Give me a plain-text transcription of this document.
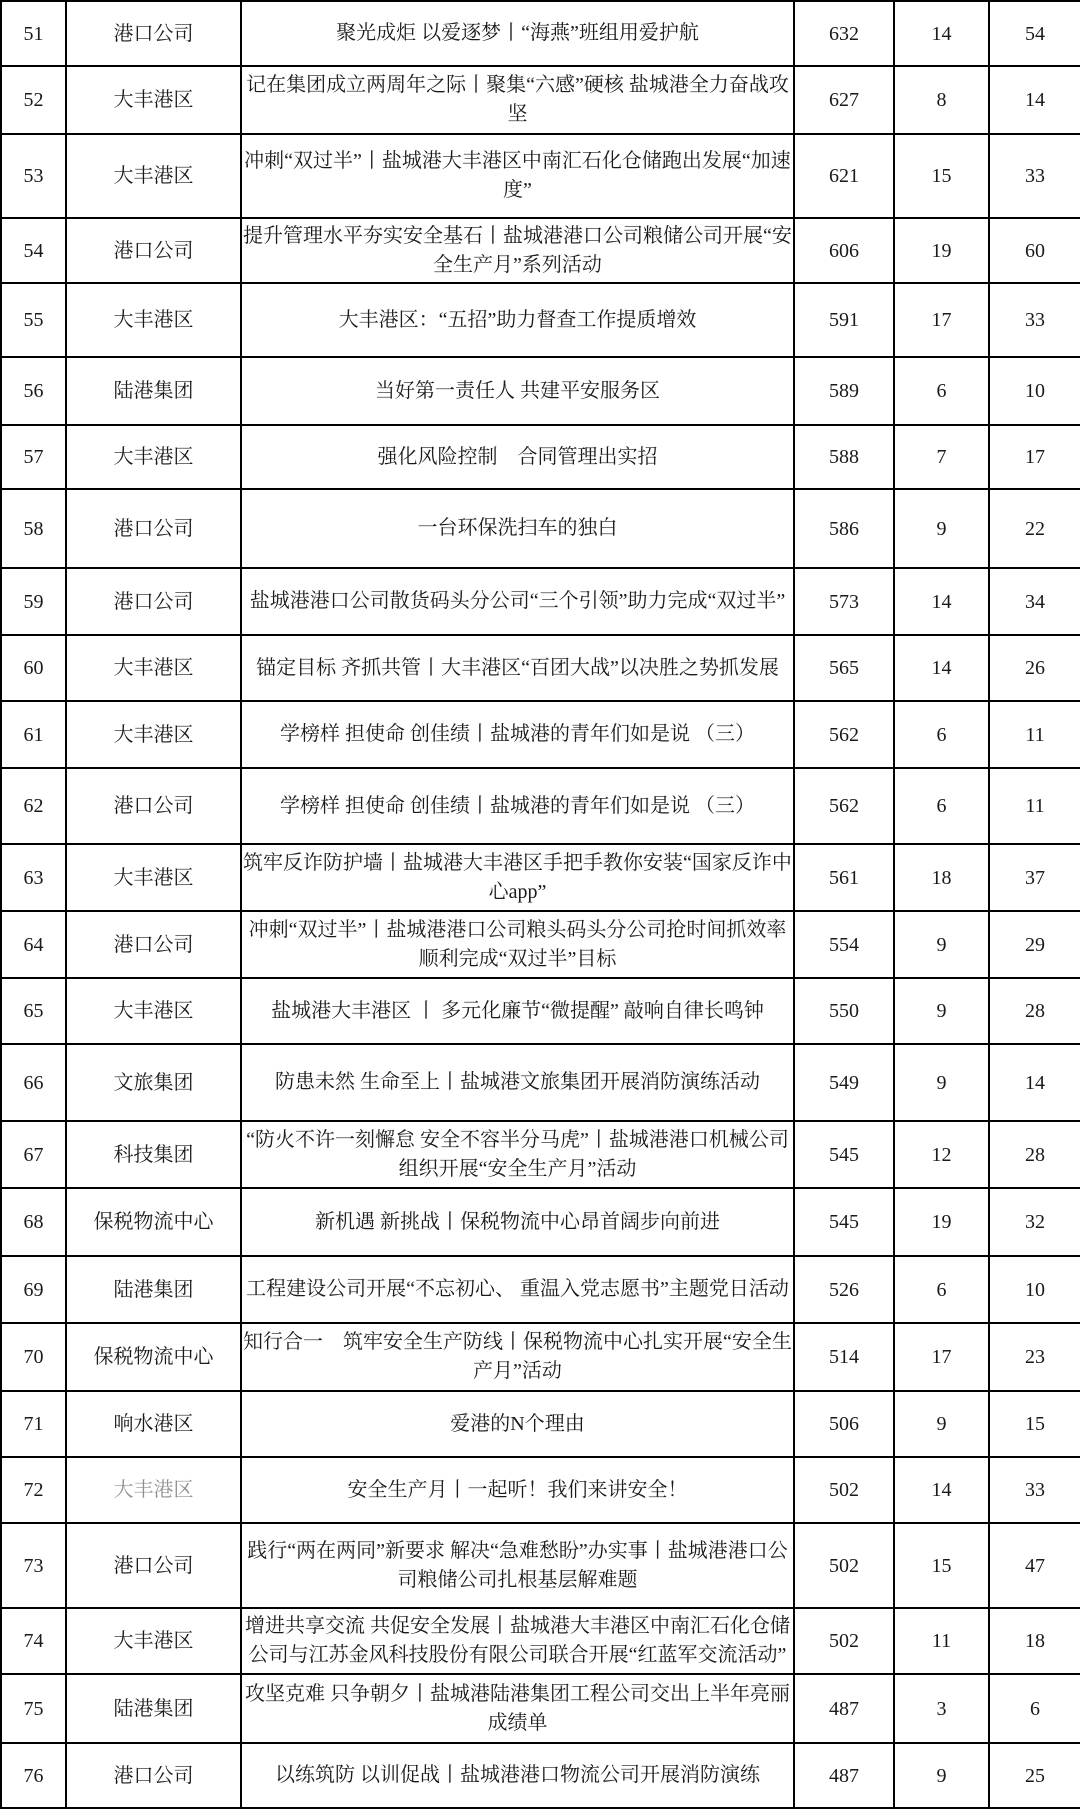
51	港口公司	聚光成炬 以爱逐梦丨“海燕”班组用爱护航	632	14	54

52	大丰港区	记在集团成立两周年之际丨聚集“六感”硬核 盐城港全力奋战攻坚	627	8	14

53	大丰港区	冲刺“双过半”丨盐城港大丰港区中南汇石化仓储跑出发展“加速度”	621	15	33

54	港口公司	提升管理水平夯实安全基石丨盐城港港口公司粮储公司开展“安全生产月”系列活动	606	19	60

55	大丰港区	大丰港区：“五招”助力督查工作提质增效	591	17	33

56	陆港集团	当好第一责任人 共建平安服务区	589	6	10

57	大丰港区	强化风险控制　合同管理出实招	588	7	17

58	港口公司	一台环保洗扫车的独白	586	9	22

59	港口公司	盐城港港口公司散货码头分公司“三个引领”助力完成“双过半”	573	14	34

60	大丰港区	锚定目标 齐抓共管丨大丰港区“百团大战”以决胜之势抓发展	565	14	26

61	大丰港区	学榜样 担使命 创佳绩丨盐城港的青年们如是说 （三）	562	6	11

62	港口公司	学榜样 担使命 创佳绩丨盐城港的青年们如是说 （三）	562	6	11

63	大丰港区	筑牢反诈防护墙丨盐城港大丰港区手把手教你安装“国家反诈中心app”	561	18	37

64	港口公司	冲刺“双过半”丨盐城港港口公司粮头码头分公司抢时间抓效率顺利完成“双过半”目标	554	9	29

65	大丰港区	盐城港大丰港区 丨 多元化廉节“微提醒” 敲响自律长鸣钟	550	9	28

66	文旅集团	防患未然 生命至上丨盐城港文旅集团开展消防演练活动	549	9	14

67	科技集团	“防火不许一刻懈怠 安全不容半分马虎”丨盐城港港口机械公司组织开展“安全生产月”活动	545	12	28

68	保税物流中心	新机遇 新挑战丨保税物流中心昂首阔步向前进	545	19	32

69	陆港集团	工程建设公司开展“不忘初心、 重温入党志愿书”主题党日活动	526	6	10

70	保税物流中心	知行合一　筑牢安全生产防线丨保税物流中心扎实开展“安全生产月”活动	514	17	23

71	响水港区	爱港的N个理由	506	9	15

72	大丰港区	安全生产月丨一起听！我们来讲安全！	502	14	33

73	港口公司	践行“两在两同”新要求 解决“急难愁盼”办实事丨盐城港港口公司粮储公司扎根基层解难题	502	15	47

74	大丰港区	增进共享交流 共促安全发展丨盐城港大丰港区中南汇石化仓储公司与江苏金风科技股份有限公司联合开展“红蓝军交流活动”	502	11	18

75	陆港集团	攻坚克难 只争朝夕丨盐城港陆港集团工程公司交出上半年亮丽成绩单	487	3	6

76	港口公司	以练筑防 以训促战丨盐城港港口物流公司开展消防演练	487	9	25
